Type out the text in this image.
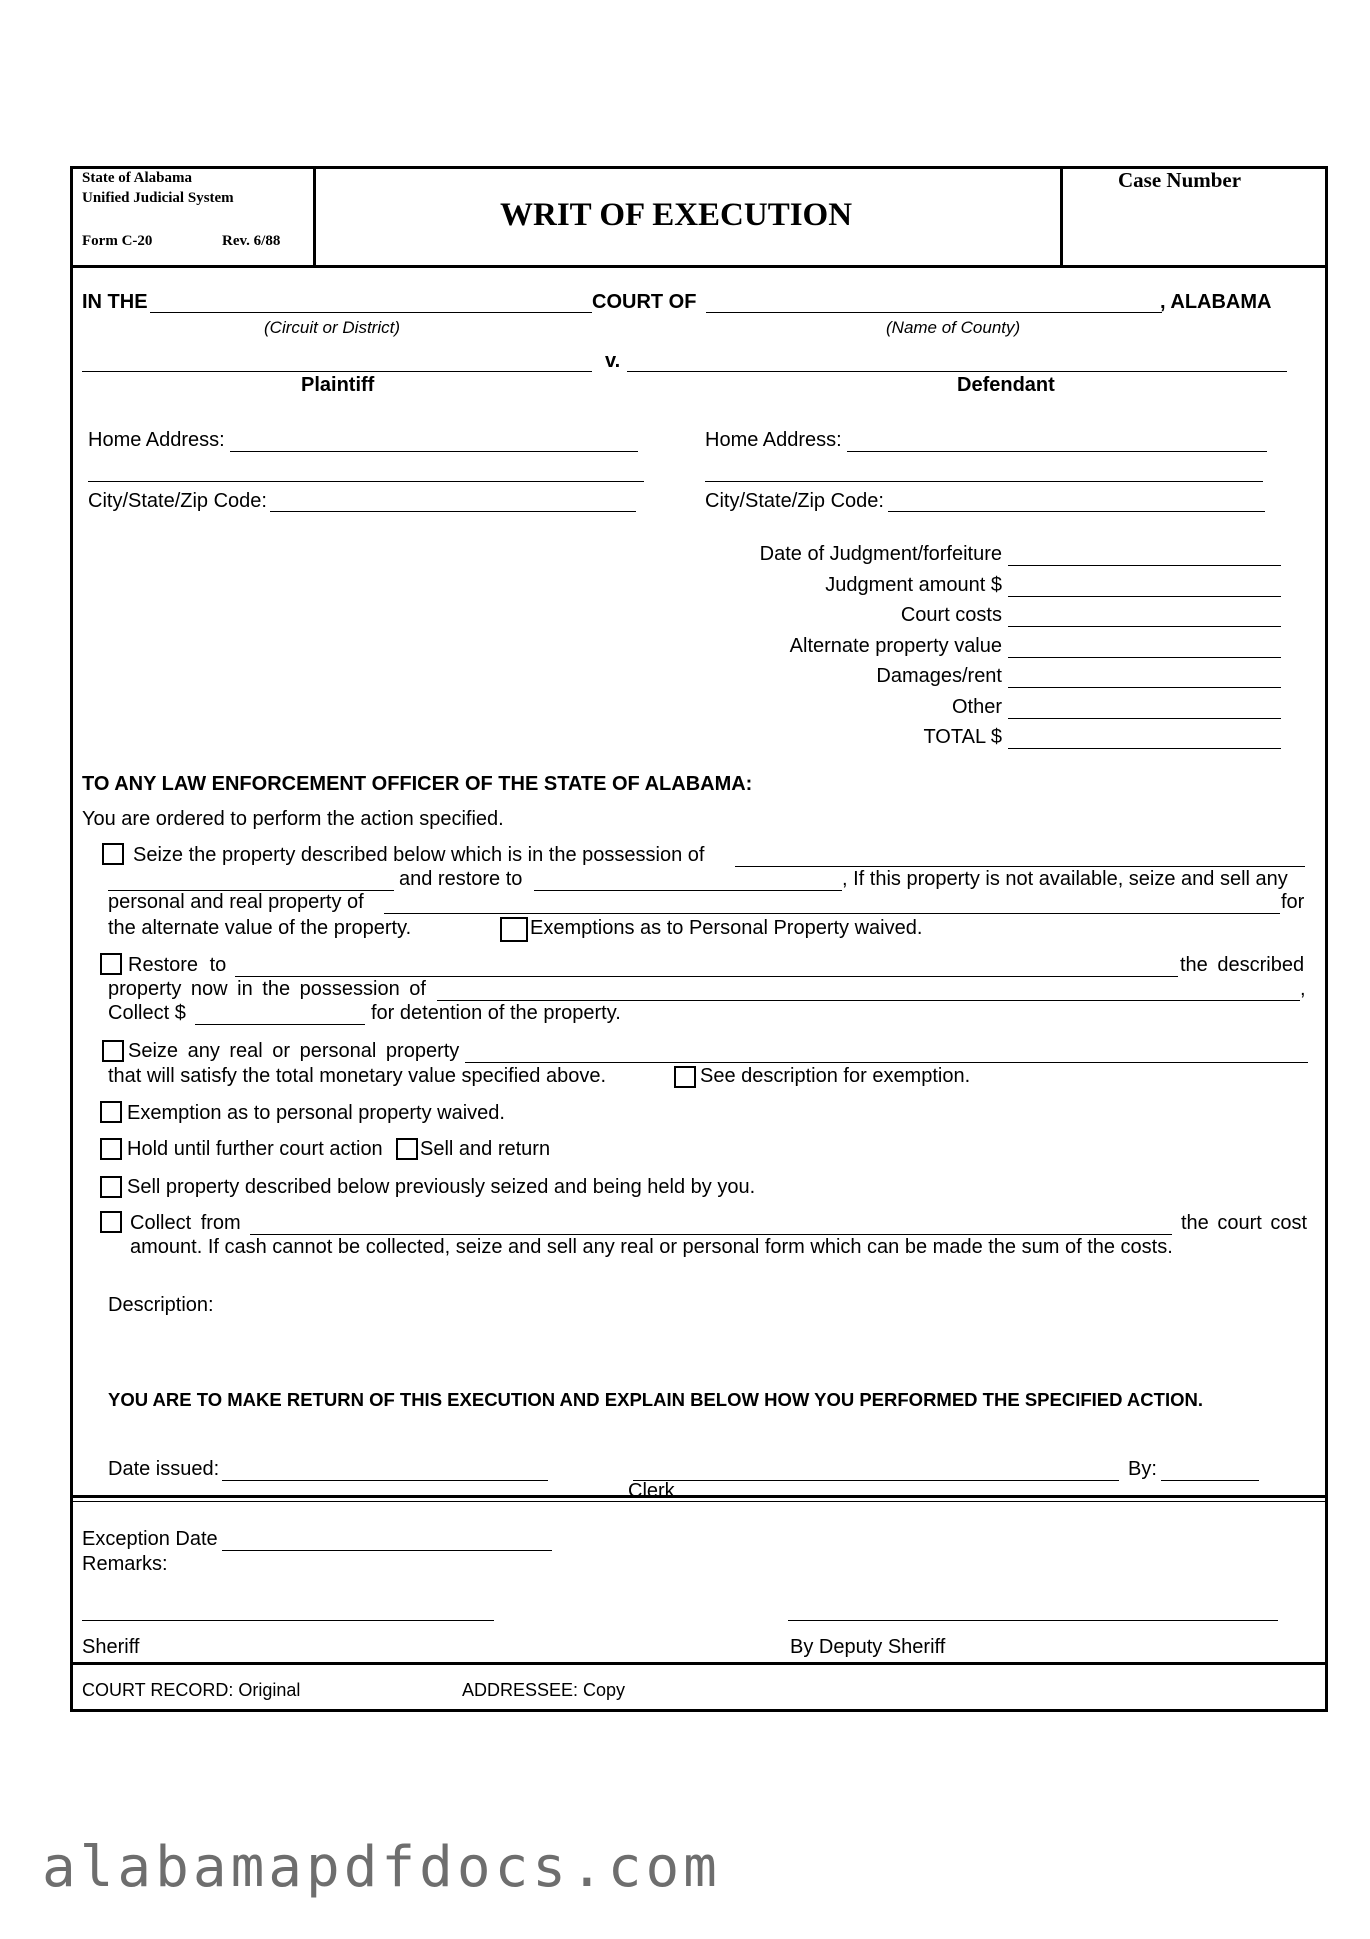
State of Alabama
Unified Judicial System
Form C-20	Rev. 6/88
WRIT OF EXECUTION
Case Number
IN THE	COURT OF	, ALABAMA
(Circuit or District)	(Name of County)
v.
Plaintiff	Defendant
Home Address:
City/State/Zip Code:
Home Address:
City/State/Zip Code:
Date of Judgment/forfeiture
Judgment amount $
Court costs
Alternate property value
Damages/rent
Other
TOTAL $
TO ANY LAW ENFORCEMENT OFFICER OF THE STATE OF ALABAMA:
You are ordered to perform the action specified.
Seize the property described below which is in the possession of
and restore to	, If this property is not available, seize and sell any
personal and real property of	for
the alternate value of the property.	Exemptions as to Personal Property waived.
Restore to	the described
property now in the possession of	,
Collect $	for detention of the property.
Seize any real or personal property
that will satisfy the total monetary value specified above.	See description for exemption.
Exemption as to personal property waived.
Hold until further court action Sell and return
Sell property described below previously seized and being held by you.
Collect from	the court cost
amount. If cash cannot be collected, seize and sell any real or personal form which can be made the sum of the costs.
Description:
YOU ARE TO MAKE RETURN OF THIS EXECUTION AND EXPLAIN BELOW HOW YOU PERFORMED THE SPECIFIED ACTION.
Date issued:	By:
Clerk
Exception Date
Remarks:
Sheriff	By Deputy Sheriff
COURT RECORD: Original	ADDRESSEE: Copy
alabamapdfdocs.com
